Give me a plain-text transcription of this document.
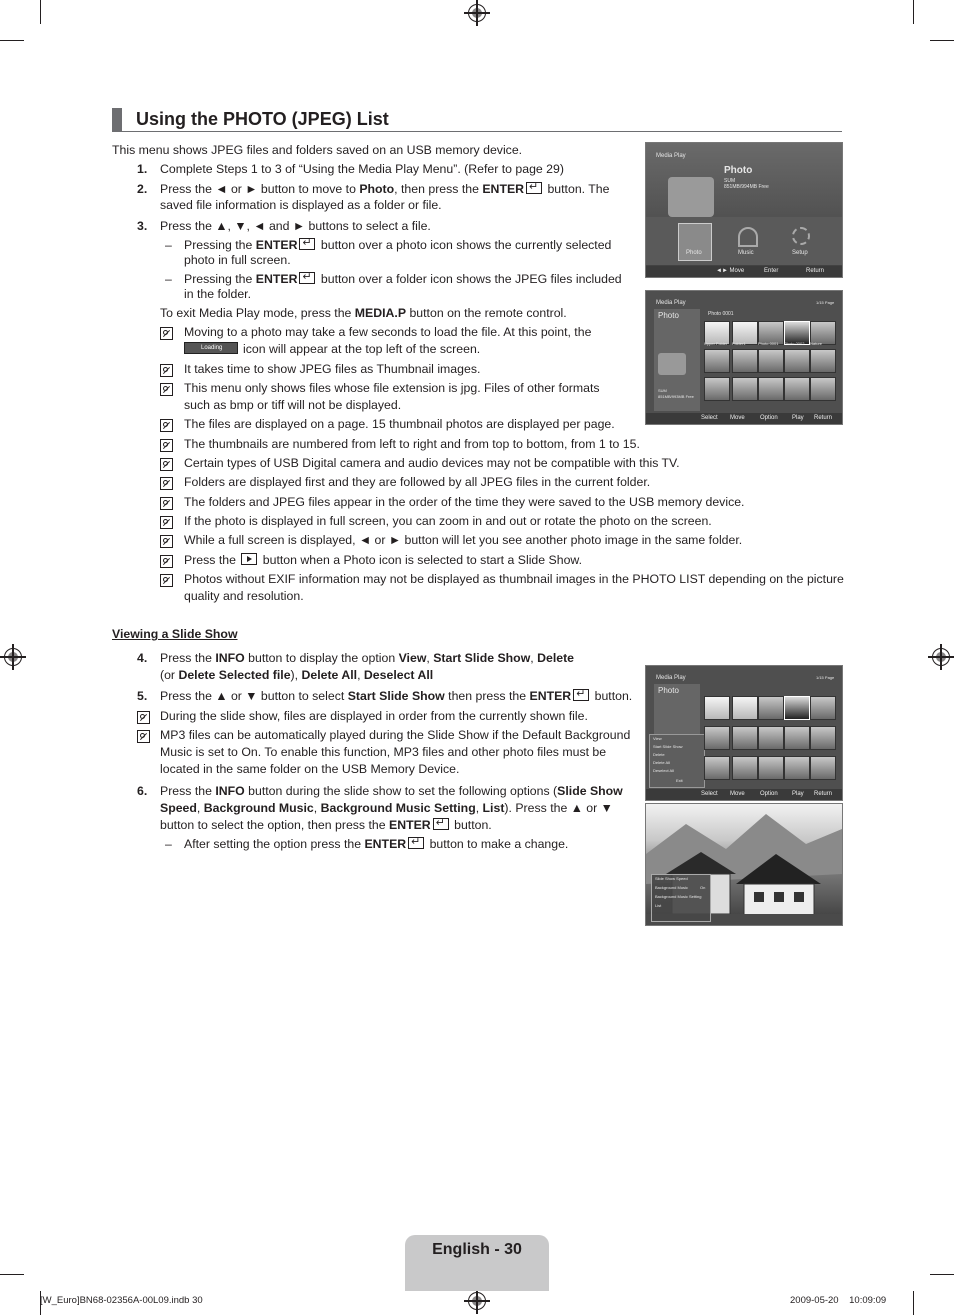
Using the PHOTO (JPEG) List
This menu shows JPEG files and folders saved on an USB memory device.
1. Complete Steps 1 to 3 of “Using the Media Play Menu”. (Refer to page 29)
2. Press the ◄ or ► button to move to Photo, then press the ENTER↵ button. The
saved file information is displayed as a folder or file.
3. Press the ▲, ▼, ◄ and ► buttons to select a file.
– Pressing the ENTER↵ button over a photo icon shows the currently selected
photo in full screen.
– Pressing the ENTER↵ button over a folder icon shows the JPEG files included
in the folder.
To exit Media Play mode, press the MEDIA.P button on the remote control.
Moving to a photo may take a few seconds to load the file. At this point, the
Loading icon will appear at the top left of the screen.
It takes time to show JPEG files as Thumbnail images.
This menu only shows files whose file extension is jpg. Files of other formats
such as bmp or tiff will not be displayed.
The files are displayed on a page. 15 thumbnail photos are displayed per page.
The thumbnails are numbered from left to right and from top to bottom, from 1 to 15.
Certain types of USB Digital camera and audio devices may not be compatible with this TV.
Folders are displayed first and they are followed by all JPEG files in the current folder.
The folders and JPEG files appear in the order of the time they were saved to the USB memory device.
If the photo is displayed in full screen, you can zoom in and out or rotate the photo on the screen.
While a full screen is displayed, ◄ or ► button will let you see another photo image in the same folder.
Press the  button when a Photo icon is selected to start a Slide Show.
Photos without EXIF information may not be displayed as thumbnail images in the PHOTO LIST depending on the picture
quality and resolution.
Viewing a Slide Show
4. Press the INFO button to display the option View, Start Slide Show, Delete
(or Delete Selected file), Delete All, Deselect All
5. Press the ▲ or ▼ button to select Start Slide Show then press the ENTER↵ button.
During the slide show, files are displayed in order from the currently shown file.
MP3 files can be automatically played during the Slide Show if the Default Background
Music is set to On. To enable this function, MP3 files and other photo files must be
located in the same folder on the USB Memory Device.
6. Press the INFO button during the slide show to set the following options (Slide Show
Speed, Background Music, Background Music Setting, List). Press the ▲ or ▼
button to select the option, then press the ENTER↵ button.
– After setting the option press the ENTER↵ button to make a change.
Media Play
Photo
SUM
851MB/994MB Free
Photo	Music	Setup
◄► Move	Enter	Return
Media Play	1/15 Page
Photo
SUM
851MB/993MB Free
Photo 0001
Upper Folder Folder1	Photo 0001 Photo 0002 Nature
Select Move	Option Play Return
Media Play	1/15 Page
Photo
View
Start Slide Show
Delete
Delete All
Deselect All
Exit
Select Move	Option Play Return
Slide Show Speed
Background Music	On
Background Music Setting
List
English - 30
[W_Euro]BN68-02356A-00L09.indb 30	2009-05-20    10:09:09
